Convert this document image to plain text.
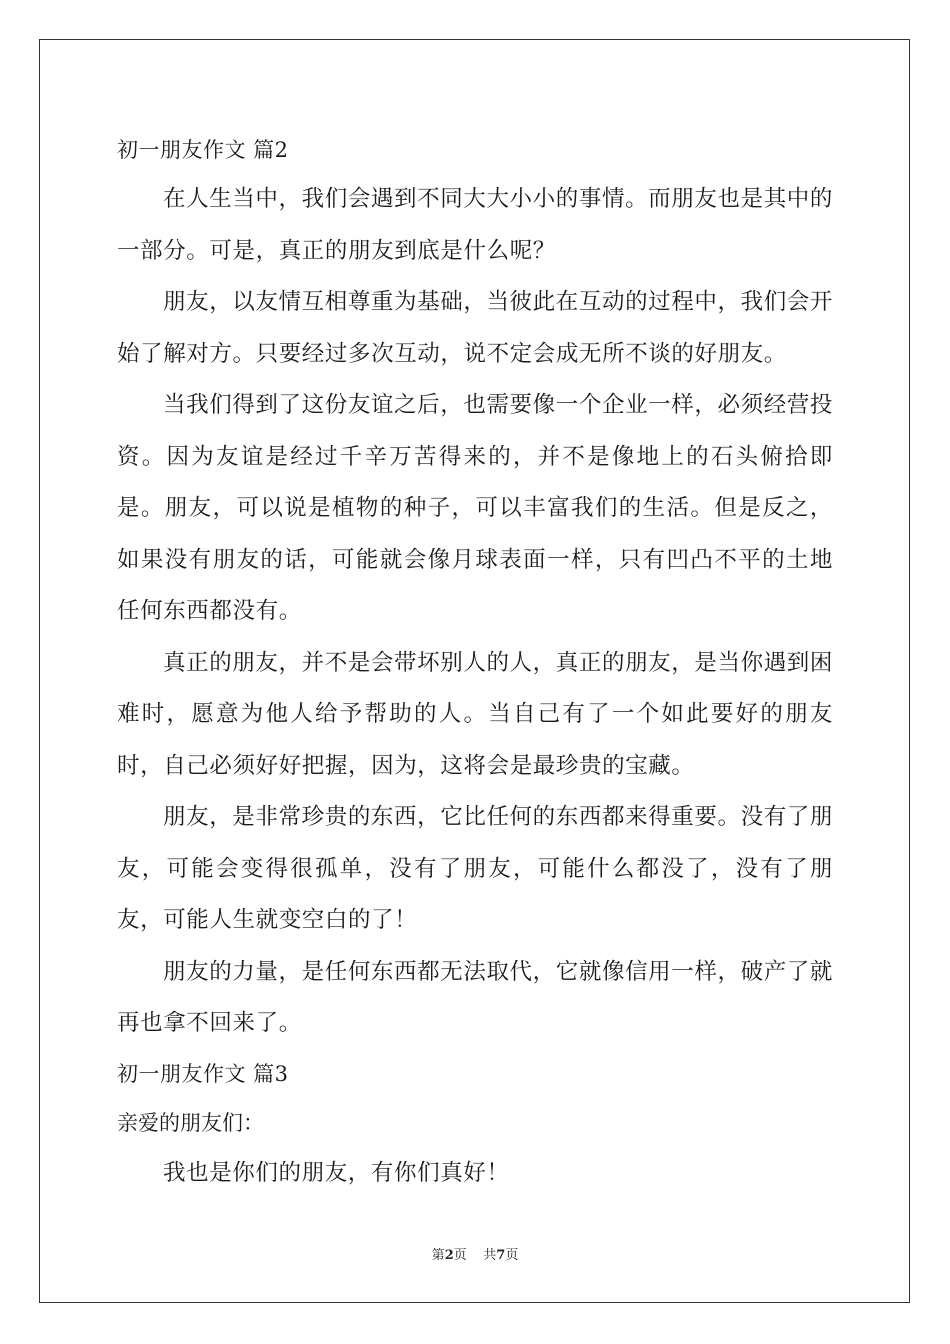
初一朋友作文 篇2

在人生当中，我们会遇到不同大大小小的事情。而朋友也是其中的一部分。可是，真正的朋友到底是什么呢？

朋友，以友情互相尊重为基础，当彼此在互动的过程中，我们会开始了解对方。只要经过多次互动，说不定会成无所不谈的好朋友。

当我们得到了这份友谊之后，也需要像一个企业一样，必须经营投资。因为友谊是经过千辛万苦得来的，并不是像地上的石头俯拾即是。朋友，可以说是植物的种子，可以丰富我们的生活。但是反之，如果没有朋友的话，可能就会像月球表面一样，只有凹凸不平的土地任何东西都没有。

真正的朋友，并不是会带坏别人的人，真正的朋友，是当你遇到困难时，愿意为他人给予帮助的人。当自己有了一个如此要好的朋友时，自己必须好好把握，因为，这将会是最珍贵的宝藏。

朋友，是非常珍贵的东西，它比任何的东西都来得重要。没有了朋友，可能会变得很孤单，没有了朋友，可能什么都没了，没有了朋友，可能人生就变空白的了！

朋友的力量，是任何东西都无法取代，它就像信用一样，破产了就再也拿不回来了。

初一朋友作文 篇3

亲爱的朋友们：

我也是你们的朋友，有你们真好！

第2页    共7页
